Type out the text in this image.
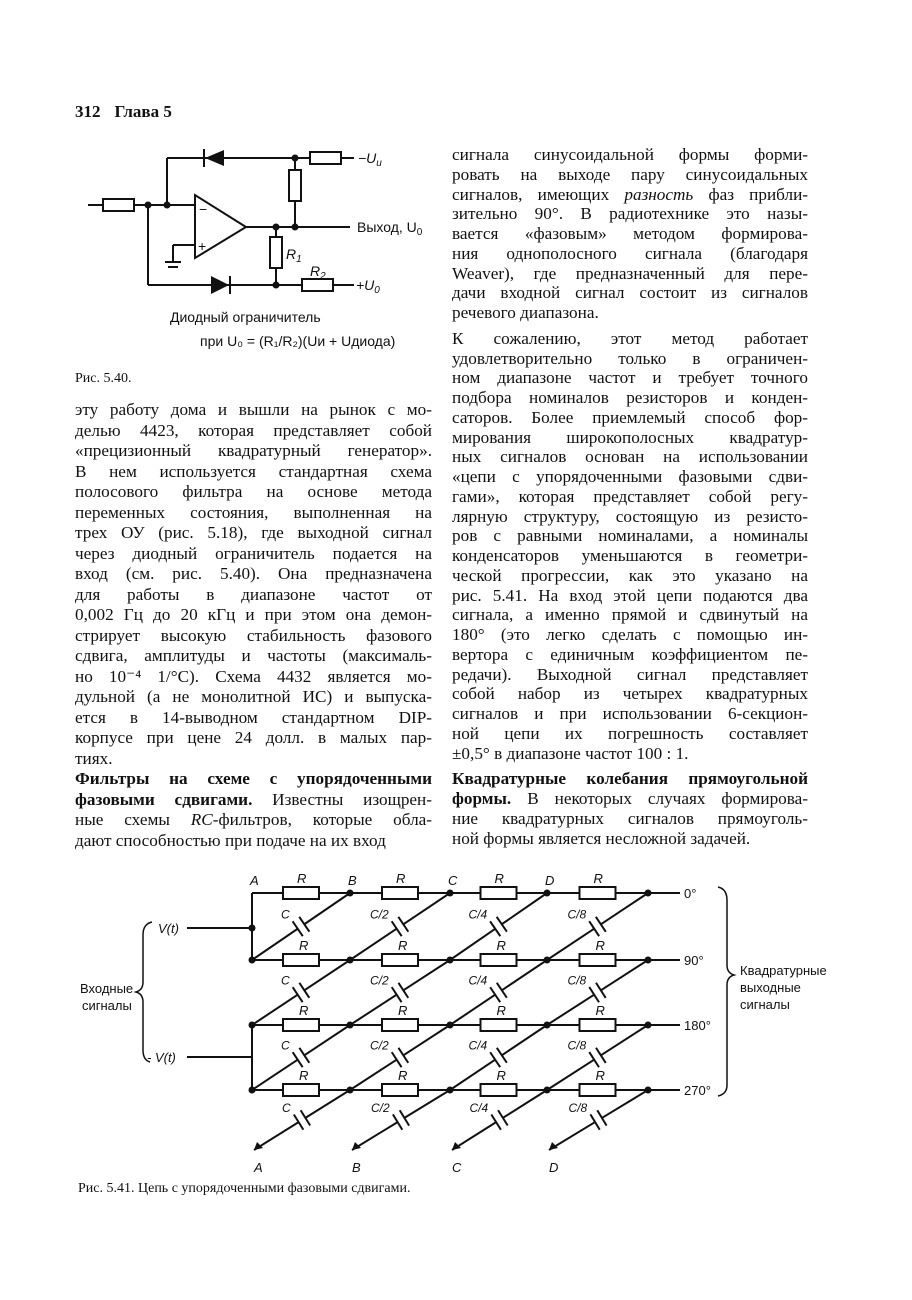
312 Глава 5
−
+
$-U_и$
Выход, $U_0$
$R_1$
$R_2$
$+U_0$
Диодный ограничитель
при U₀ = (R₁/R₂)(Uи + Uдиода)
Рис. 5.40.
эту работу дома и вышли на рынок с мо-
делью 4423, которая представляет собой
«прецизионный квадратурный генератор».
В нем используется стандартная схема
полосового фильтра на основе метода
переменных состояния, выполненная на
трех ОУ (рис. 5.18), где выходной сигнал
через диодный ограничитель подается на
вход (см. рис. 5.40). Она предназначена
для работы в диапазоне частот от
0,002 Гц до 20 кГц и при этом она демон-
стрирует высокую стабильность фазового
сдвига, амплитуды и частоты (максималь-
но 10⁻⁴ 1/°С). Схема 4432 является мо-
дульной (а не монолитной ИС) и выпуска-
ется в 14-выводном стандартном DIP-
корпусе при цене 24 долл. в малых пар-
тиях.
Фильтры на схеме с упорядоченными
фазовыми сдвигами. Известны изощрен-
ные схемы RC-фильтров, которые обла-
дают способностью при подаче на их вход
сигнала синусоидальной формы форми-
ровать на выходе пару синусоидальных
сигналов, имеющих разность фаз прибли-
зительно 90°. В радиотехнике это назы-
вается «фазовым» методом формирова-
ния однополосного сигнала (благодаря
Weaver), где предназначенный для пере-
дачи входной сигнал состоит из сигналов
речевого диапазона.
К сожалению, этот метод работает
удовлетворительно только в ограничен-
ном диапазоне частот и требует точного
подбора номиналов резисторов и конден-
саторов. Более приемлемый способ фор-
мирования широкополосных квадратур-
ных сигналов основан на использовании
«цепи с упорядоченными фазовыми сдви-
гами», которая представляет собой регу-
лярную структуру, состоящую из резисто-
ров с равными номиналами, а номиналы
конденсаторов уменьшаются в геометри-
ческой прогрессии, как это указано на
рис. 5.41. На вход этой цепи подаются два
сигнала, а именно прямой и сдвинутый на
180° (это легко сделать с помощью ин-
вертора с единичным коэффициентом пе-
редачи). Выходной сигнал представляет
собой набор из четырех квадратурных
сигналов и при использовании 6-секцион-
ной цепи их погрешность составляет
±0,5° в диапазоне частот 100 : 1.
Квадратурные колебания прямоугольной
формы. В некоторых случаях формирова-
ние квадратурных сигналов прямоуголь-
ной формы является несложной задачей.
R	R	R	R
0°
R	R	R	R
90°
R	R	R	R
180°
R	R	R	R
270°
C	C/2	C/4	C/8
C	C/2	C/4	C/8
C	C/2	C/4	C/8
C
A
A
C/2
B
B
C/4
C
C
C/8
D
D
V(t)
- V(t)
Входные
сигналы
Квадратурные
выходные
сигналы
Рис. 5.41. Цепь с упорядоченными фазовыми сдвигами.
